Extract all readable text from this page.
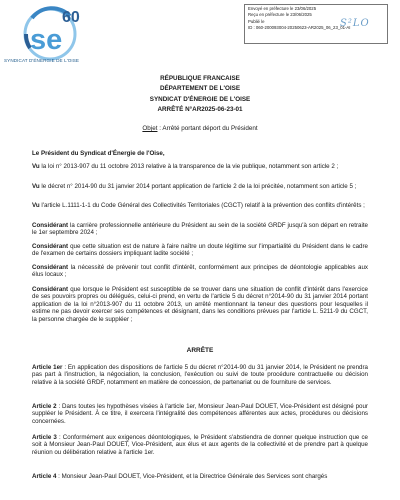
se
60
SYNDICAT D'ÉNERGIE DE L'OISE
Envoyé en préfecture le 23/06/2025
Reçu en préfecture le 23/06/2025
Publié le
ID : 060-200093004-20250623-AR2025_06_23_01-AI
S²LO
RÉPUBLIQUE FRANCAISE
DÉPARTEMENT DE L'OISE
SYNDICAT D'ÉNERGIE DE L'OISE
ARRÊTÉ N°AR2025-06-23-01
Objet : Arrêté portant déport du Président

Le Président du Syndicat d'Énergie de l'Oise,

Vu la loi n° 2013-907 du 11 octobre 2013 relative à la transparence de la vie publique, notamment son article 2 ;

Vu le décret n° 2014-90 du 31 janvier 2014 portant application de l'article 2 de la loi précitée, notamment son article 5 ;

Vu l'article L.1111-1-1 du Code Général des Collectivités Territoriales (CGCT) relatif à la prévention des conflits d'intérêts ;

Considérant la carrière professionnelle antérieure du Président au sein de la société GRDF jusqu'à son départ en retraite le 1er septembre 2024 ;

Considérant que cette situation est de nature à faire naître un doute légitime sur l'impartialité du Président dans le cadre de l'examen de certains dossiers impliquant ladite société ;

Considérant la nécessité de prévenir tout conflit d'intérêt, conformément aux principes de déontologie applicables aux élus locaux ;

Considérant que lorsque le Président est susceptible de se trouver dans une situation de conflit d'intérêt dans l'exercice de ses pouvoirs propres ou délégués, celui-ci prend, en vertu de l'article 5 du décret n°2014-90 du 31 janvier 2014 portant application de la loi n°2013-907 du 11 octobre 2013, un arrêté mentionnant la teneur des questions pour lesquelles il estime ne pas devoir exercer ses compétences et désignant, dans les conditions prévues par l'article L. 5211-9 du CGCT, la personne chargée de le suppléer ;

ARRÊTE

Article 1er : En application des dispositions de l'article 5 du décret n°2014-90 du 31 janvier 2014, le Président ne prendra pas part à l'instruction, la négociation, la conclusion, l'exécution ou suivi de toute procédure contractuelle ou décision relative à la société GRDF, notamment en matière de concession, de partenariat ou de fourniture de services.

Article 2 : Dans toutes les hypothèses visées à l'article 1er, Monsieur Jean-Paul DOUET, Vice-Président est désigné pour suppléer le Président. À ce titre, il exercera l'intégralité des compétences afférentes aux actes, procédures ou décisions concernées.

Article 3 : Conformément aux exigences déontologiques, le Président s'abstiendra de donner quelque instruction que ce soit à Monsieur Jean-Paul DOUET, Vice-Président, aux élus et aux agents de la collectivité et de prendre part à quelque réunion ou délibération relative à l'article 1er.

Article 4 : Monsieur Jean-Paul DOUET, Vice-Président, et la Directrice Générale des Services sont chargés
